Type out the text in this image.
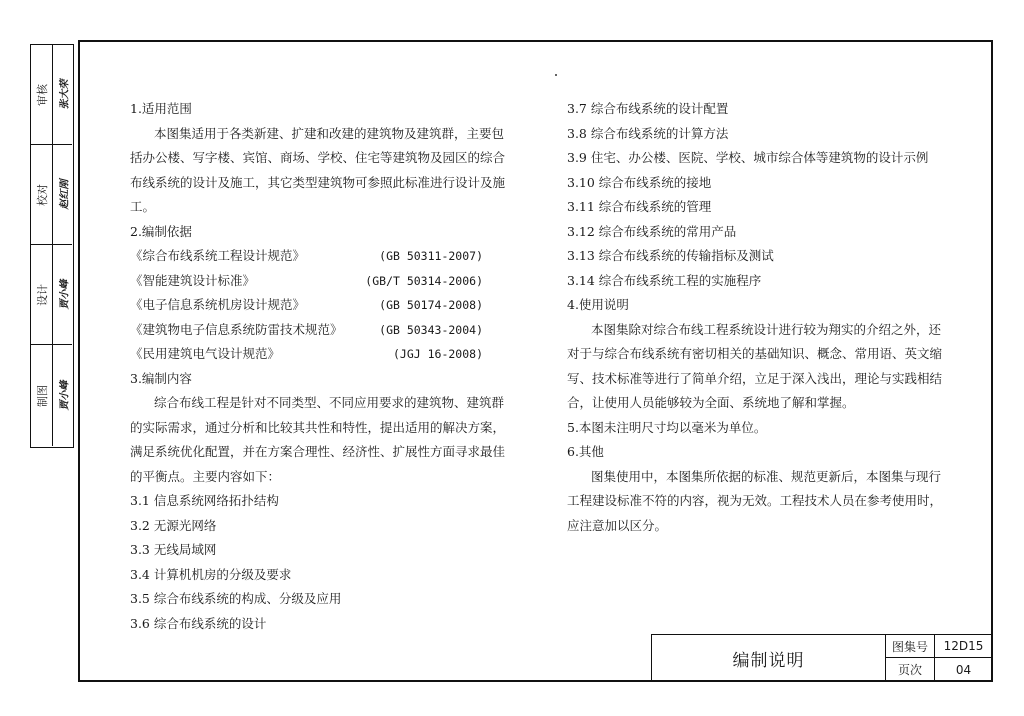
审核	张大荣
校对	赵红刚
设计	贾小峰
制图	贾小峰

1.适用范围

本图集适用于各类新建、扩建和改建的建筑物及建筑群，主要包

括办公楼、写字楼、宾馆、商场、学校、住宅等建筑物及园区的综合

布线系统的设计及施工，其它类型建筑物可参照此标准进行设计及施

工。

2.编制依据

《综合布线系统工程设计规范》	(GB 50311-2007)
《智能建筑设计标准》	(GB/T 50314-2006)
《电子信息系统机房设计规范》	(GB 50174-2008)
《建筑物电子信息系统防雷技术规范》	(GB 50343-2004)
《民用建筑电气设计规范》	(JGJ 16-2008)

3.编制内容

综合布线工程是针对不同类型、不同应用要求的建筑物、建筑群

的实际需求，通过分析和比较其共性和特性，提出适用的解决方案，

满足系统优化配置，并在方案合理性、经济性、扩展性方面寻求最佳

的平衡点。主要内容如下：

3.1 信息系统网络拓扑结构

3.2 无源光网络

3.3 无线局域网

3.4 计算机机房的分级及要求

3.5 综合布线系统的构成、分级及应用

3.6 综合布线系统的设计

3.7 综合布线系统的设计配置

3.8 综合布线系统的计算方法

3.9 住宅、办公楼、医院、学校、城市综合体等建筑物的设计示例

3.10 综合布线系统的接地

3.11 综合布线系统的管理

3.12 综合布线系统的常用产品

3.13 综合布线系统的传输指标及测试

3.14 综合布线系统工程的实施程序

4.使用说明

本图集除对综合布线工程系统设计进行较为翔实的介绍之外，还

对于与综合布线系统有密切相关的基础知识、概念、常用语、英文缩

写、技术标准等进行了简单介绍，立足于深入浅出，理论与实践相结

合，让使用人员能够较为全面、系统地了解和掌握。

5.本图未注明尺寸均以毫米为单位。

6.其他

图集使用中，本图集所依据的标准、规范更新后，本图集与现行

工程建设标准不符的内容，视为无效。工程技术人员在参考使用时，

应注意加以区分。

编制说明
图集号	12D15
页次	04
